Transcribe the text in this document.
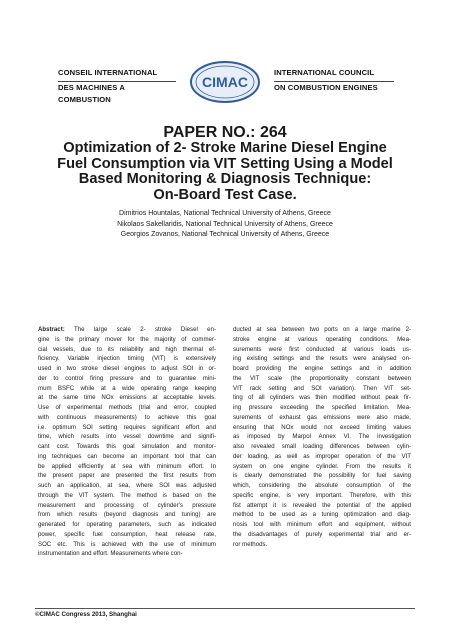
CONSEIL INTERNATIONAL
DES MACHINES A COMBUSTION
CIMAC
INTERNATIONAL COUNCIL
ON COMBUSTION ENGINES
PAPER NO.: 264
Optimization of 2- Stroke Marine Diesel Engine
Fuel Consumption via VIT Setting Using a Model
Based Monitoring & Diagnosis Technique:
On-Board Test Case.
Dimitrios Hountalas, National Technical University of Athens, Greece
Nikolaos Sakellaridis, National Technical University of Athens, Greece
Georgios Zovanos, National Technical University of Athens, Greece
Abstract: The large scale 2- stroke Diesel en-
gine is the primary mover for the majority of commer-
cial vessels, due to its reliability and high thermal ef-
ficiency. Variable injection timing (VIT) is extensively
used in two stroke diesel engines to adjust SOI in or-
der to control firing pressure and to guarantee mini-
mum BSFC while at a wide operating range keeping
at the same time NOx emissions at acceptable levels.
Use of experimental methods (trial and error, coupled
with continuous measurements) to achieve this goal
i.e. optimum SOI setting requires significant effort and
time, which results into vessel downtime and signifi-
cant cost. Towards this goal simulation and monitor-
ing techniques can become an important tool that can
be applied efficiently at sea with minimum effort. In
the present paper are presented the first results from
such an application, at sea, where SOI was adjusted
through the VIT system. The method is based on the
measurement and processing of cylinder's pressure
from which results (beyond diagnosis and tuning) are
generated for operating parameters, such as indicated
power, specific fuel consumption, heat release rate,
SOC etc. This is achieved with the use of minimum
instrumentation and effort. Measurements where con-
ducted at sea between two ports on a large marine 2-
stroke engine at various operating conditions. Mea-
surements were first conducted at various loads us-
ing existing settings and the results were analysed on-
board providing the engine settings and in addition
the VIT scale (the proportionality constant between
VIT rack setting and SOI variation). Then VIT set-
ting of all cylinders was then modified without peak fir-
ing pressure exceeding the specified limitation. Mea-
surements of exhaust gas emissions were also made,
ensuring that NOx would not exceed limiting values
as imposed by Marpol Annex VI. The investigation
also revealed small loading differences between cylin-
der loading, as well as improper operation of the VIT
system on one engine cylinder. From the results it
is clearly demonstrated the possibility for fuel saving
which, considering the absolute consumption of the
specific engine, is very important. Therefore, with this
fist attempt it is revealed the potential of the applied
method to be used as a tuning optimization and diag-
nosis tool with minimum effort and equipment, without
the disadvantages of purely experimental trial and er-
ror methods.
©CIMAC Congress 2013, Shanghai
